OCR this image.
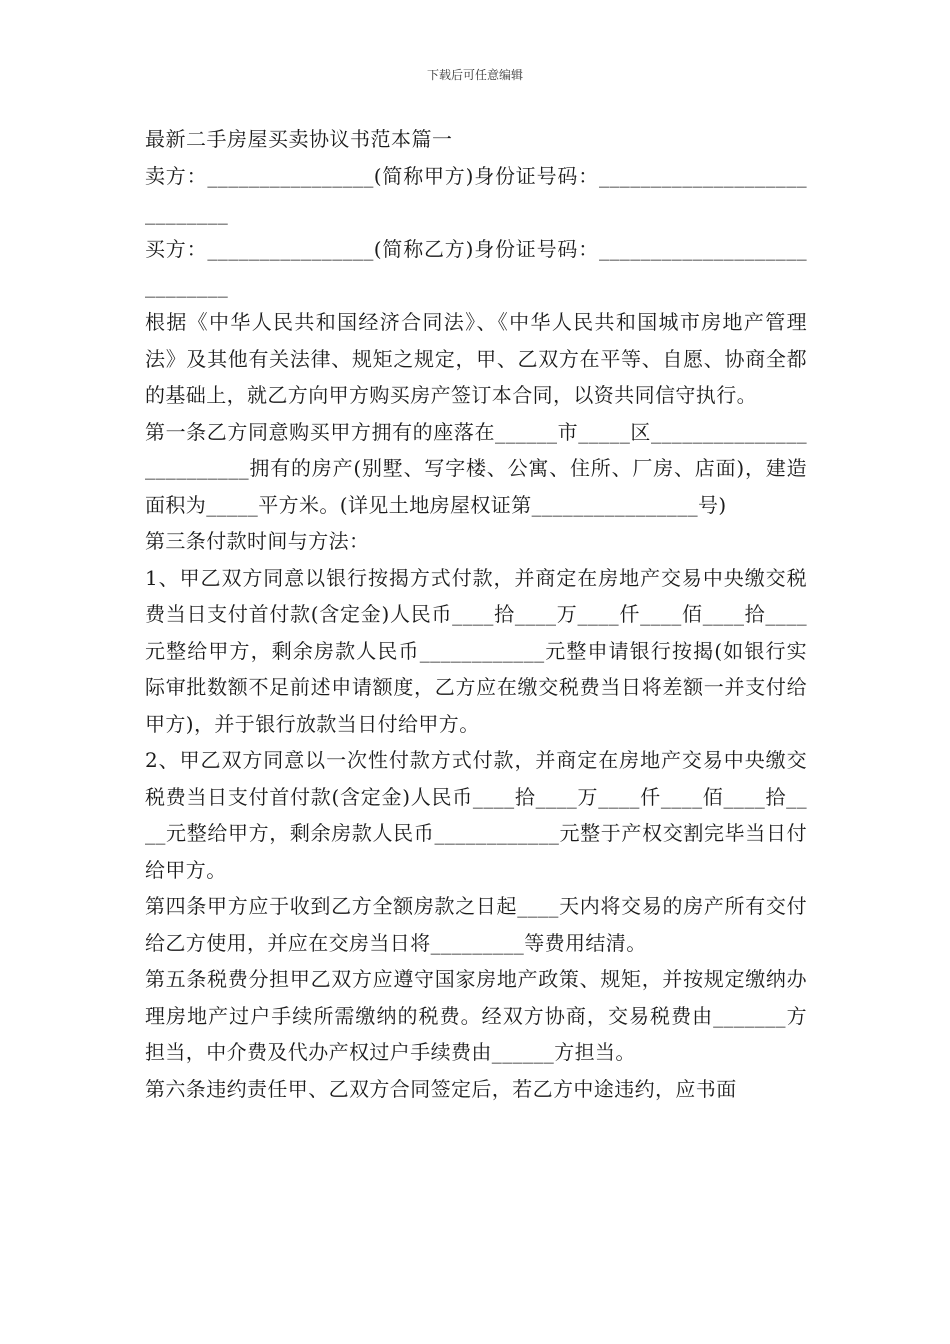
下载后可任意编辑

最新二手房屋买卖协议书范本篇一

卖方：________________(简称甲方)身份证号码：____________________________

买方：________________(简称乙方)身份证号码：____________________________

根据《中华人民共和国经济合同法》、《中华人民共和国城市房地产管理法》及其他有关法律、规矩之规定，甲、乙双方在平等、自愿、协商全都的基础上，就乙方向甲方购买房产签订本合同，以资共同信守执行。

第一条乙方同意购买甲方拥有的座落在______市_____区_________________________拥有的房产(别墅、写字楼、公寓、住所、厂房、店面)，建造面积为_____平方米。(详见土地房屋权证第________________号)

第三条付款时间与方法：

1、甲乙双方同意以银行按揭方式付款，并商定在房地产交易中央缴交税费当日支付首付款(含定金)人民币____拾____万____仟____佰____拾____元整给甲方，剩余房款人民币____________元整申请银行按揭(如银行实际审批数额不足前述申请额度，乙方应在缴交税费当日将差额一并支付给甲方)，并于银行放款当日付给甲方。

2、甲乙双方同意以一次性付款方式付款，并商定在房地产交易中央缴交税费当日支付首付款(含定金)人民币____拾____万____仟____佰____拾____元整给甲方，剩余房款人民币____________元整于产权交割完毕当日付给甲方。

第四条甲方应于收到乙方全额房款之日起____天内将交易的房产所有交付给乙方使用，并应在交房当日将_________等费用结清。

第五条税费分担甲乙双方应遵守国家房地产政策、规矩，并按规定缴纳办理房地产过户手续所需缴纳的税费。经双方协商，交易税费由_______方担当，中介费及代办产权过户手续费由______方担当。

第六条违约责任甲、乙双方合同签定后，若乙方中途违约，应书面
